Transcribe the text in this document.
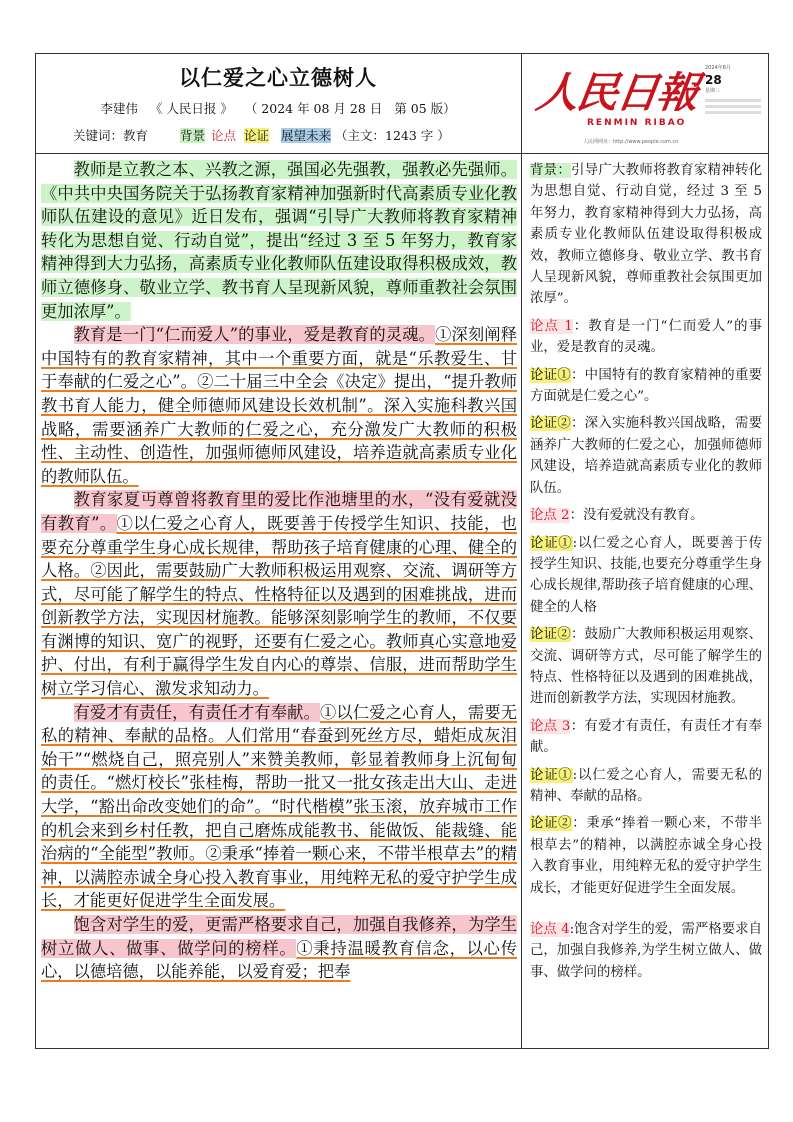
以仁爱之心立德树人
李建伟 《 人民日报 》 （ 2024 年 08 月 28 日 第 05 版）
关键词：教育	背景 论点 论证 展望未来 （主文：1243 字 ）
人民日報
RENMIN RIBAO
人民网网址：http://www.people.com.cn
2024年8月
28
星期三

教师是立教之本、兴教之源，强国必先强教，强教必先强师。《中共中央国务院关于弘扬教育家精神加强新时代高素质专业化教师队伍建设的意见》近日发布，强调“引导广大教师将教育家精神转化为思想自觉、行动自觉”，提出“经过 3 至 5 年努力，教育家精神得到大力弘扬，高素质专业化教师队伍建设取得积极成效，教师立德修身、敬业立学、教书育人呈现新风貌，尊师重教社会氛围更加浓厚”。

教育是一门“仁而爱人”的事业，爱是教育的灵魂。①深刻阐释中国特有的教育家精神，其中一个重要方面，就是“乐教爱生、甘于奉献的仁爱之心”。②二十届三中全会《决定》提出，“提升教师教书育人能力，健全师德师风建设长效机制”。深入实施科教兴国战略，需要涵养广大教师的仁爱之心，充分激发广大教师的积极性、主动性、创造性，加强师德师风建设，培养造就高素质专业化的教师队伍。

教育家夏丏尊曾将教育里的爱比作池塘里的水，“没有爱就没有教育”。①以仁爱之心育人，既要善于传授学生知识、技能，也要充分尊重学生身心成长规律，帮助孩子培育健康的心理、健全的人格。②因此，需要鼓励广大教师积极运用观察、交流、调研等方式，尽可能了解学生的特点、性格特征以及遇到的困难挑战，进而创新教学方法，实现因材施教。能够深刻影响学生的教师，不仅要有渊博的知识、宽广的视野，还要有仁爱之心。教师真心实意地爱护、付出，有利于赢得学生发自内心的尊崇、信服，进而帮助学生树立学习信心、激发求知动力。

有爱才有责任，有责任才有奉献。①以仁爱之心育人，需要无私的精神、奉献的品格。人们常用“春蚕到死丝方尽，蜡炬成灰泪始干”“燃烧自己，照亮别人”来赞美教师，彰显着教师身上沉甸甸的责任。“燃灯校长”张桂梅，帮助一批又一批女孩走出大山、走进大学，“豁出命改变她们的命”。“时代楷模”张玉滚，放弃城市工作的机会来到乡村任教，把自己磨炼成能教书、能做饭、能裁缝、能治病的“全能型”教师。②秉承“捧着一颗心来，不带半根草去”的精神，以满腔赤诚全身心投入教育事业，用纯粹无私的爱守护学生成长，才能更好促进学生全面发展。

饱含对学生的爱，更需严格要求自己，加强自我修养，为学生树立做人、做事、做学问的榜样。①秉持温暖教育信念，以心传心，以德培德，以能养能，以爱育爱；把奉

背景：引导广大教师将教育家精神转化为思想自觉、行动自觉，经过 3 至 5 年努力，教育家精神得到大力弘扬，高素质专业化教师队伍建设取得积极成效，教师立德修身、敬业立学、教书育人呈现新风貌，尊师重教社会氛围更加浓厚”。
论点 1：教育是一门“仁而爱人”的事业，爱是教育的灵魂。
论证①：中国特有的教育家精神的重要方面就是仁爱之心”。
论证②：深入实施科教兴国战略，需要涵养广大教师的仁爱之心，加强师德师风建设，培养造就高素质专业化的教师队伍。
论点 2：没有爱就没有教育。
论证①:以仁爱之心育人，既要善于传授学生知识、技能,也要充分尊重学生身心成长规律,帮助孩子培育健康的心理、健全的人格
论证②：鼓励广大教师积极运用观察、交流、调研等方式，尽可能了解学生的特点、性格特征以及遇到的困难挑战，进而创新教学方法，实现因材施教。
论点 3：有爱才有责任，有责任才有奉献。
论证①:以仁爱之心育人，需要无私的精神、奉献的品格。
论证②：秉承“捧着一颗心来，不带半根草去”的精神，以满腔赤诚全身心投入教育事业，用纯粹无私的爱守护学生成长，才能更好促进学生全面发展。
论点 4:饱含对学生的爱，需严格要求自己，加强自我修养,为学生树立做人、做事、做学问的榜样。
